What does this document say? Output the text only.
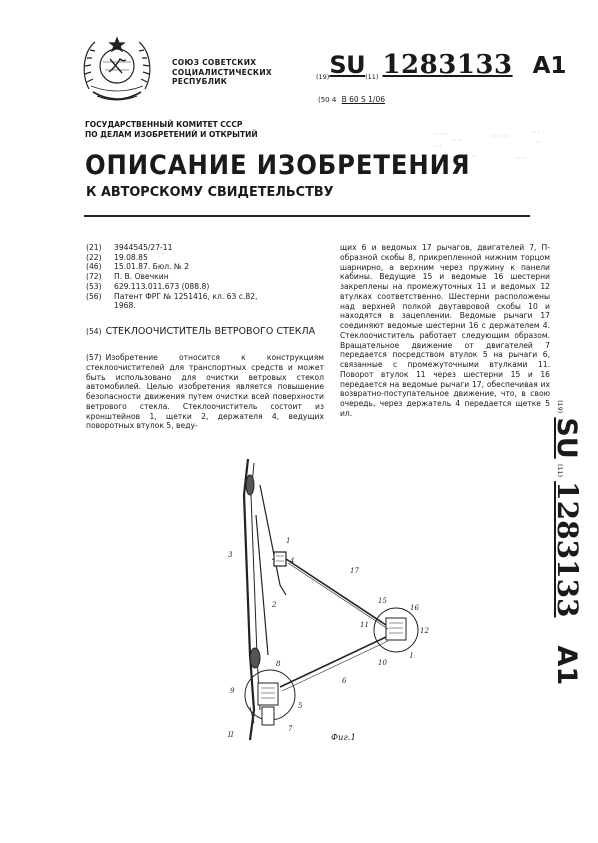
СОЮЗ СОВЕТСКИХ
СОЦИАЛИСТИЧЕСКИХ
РЕСПУБЛИК	$_{(19)}SU_{(11)}$ 1283133 A1
(50 4 B 60 S 1/06
ГОСУДАРСТВЕННЫЙ КОМИТЕТ СССР
ПО ДЕЛАМ ИЗОБРЕТЕНИЙ И ОТКРЫТИЙ
ОПИСАНИЕ ИЗОБРЕТЕНИЯ
К АВТОРСКОМУ СВИДЕТЕЛЬСТВУ
(21) 3944545/27-11
(22) 19.08.85
(46) 15.01.87. Бюл. № 2
(72) П. В. Овечкин
(53) 629.113.011.673 (088.8)
(56) Патент ФРГ № 1251416, кл. 63 с.82,
1968.
(54) СТЕКЛООЧИСТИТЕЛЬ ВЕТРОВОГО СТЕКЛА
(57) Изобретение относится к конструкциям стеклоочистителей для транспортных средств и может быть использовано для очистки ветровых стекол автомобилей. Целью изобретения является повышение безопасности движения путем очистки всей поверхности ветрового стекла. Стеклоочиститель состоит из кронштейнов 1, щетки 2, держателя 4, ведущих поворотных втулок 5, веду-
щих 6 и ведомых 17 рычагов, двигателей 7, П-образной скобы 8, прикрепленной нижним торцом шарнирно, а верхним через пружину к панели кабины. Ведущие 15 и ведомые 16 шестерни закреплены на промежуточных 11 и ведомых 12 втулках соответственно. Шестерни расположены над верхней полкой двутавровой скобы 10 и находятся в зацеплении. Ведомые рычаги 17 соединяют ведомые шестерни 16 с держателем 4. Стеклоочиститель работает следующим образом. Вращательное движение от двигателей 7 передается посредством втулок 5 на рычаги 6, связанные с промежуточными втулками 11. Поворот втулок 11 через шестерни 15 и 16 передается на ведомые рычаги 17, обеспечивая их возвратно-поступательное движение, что, в свою очередь, через держатель 4 передается щетке 5 ил.	(19)SU (11)1283133A1
1
4
3
2
17
15
16
11
12
I
10
6
8
9
5
7
II	Фиг.1
